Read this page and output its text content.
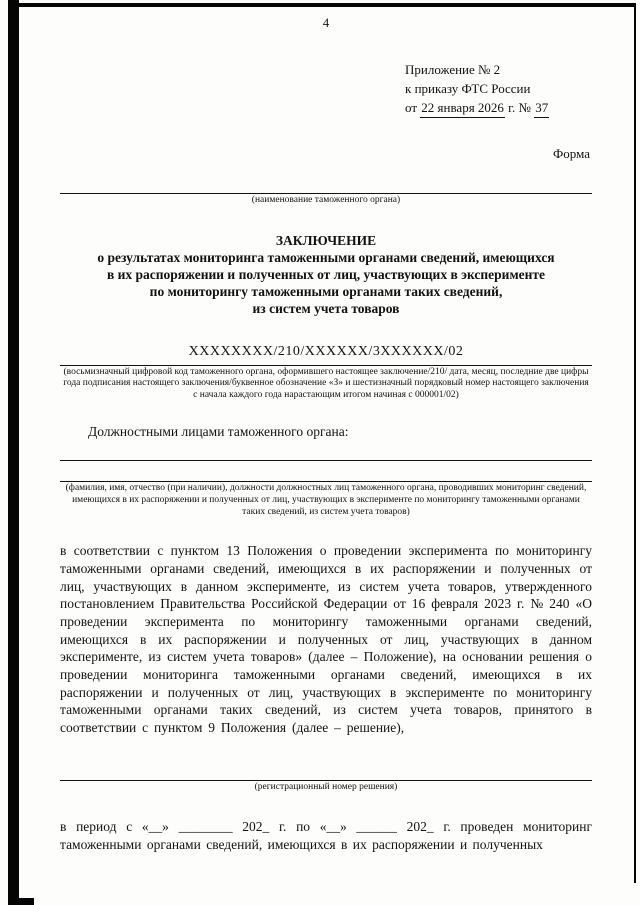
4
Приложение № 2
к приказу ФТС России
от 22 января 2026 г. № 37
Форма
(наименование таможенного органа)
ЗАКЛЮЧЕНИЕ
о результатах мониторинга таможенными органами сведений, имеющихся
в их распоряжении и полученных от лиц, участвующих в эксперименте
по мониторингу таможенными органами таких сведений,
из систем учета товаров
ХХХХХХХХ/210/ХХХХХХ/3ХХХХХХ/02
(восьмизначный цифровой код таможенного органа, оформившего настоящее заключение/210/ дата, месяц, последние две цифры года подписания настоящего заключения/буквенное обозначение «З» и шестизначный порядковый номер настоящего заключения с начала каждого года нарастающим итогом начиная с 000001/02)
Должностными лицами таможенного органа:
(фамилия, имя, отчество (при наличии), должности должностных лиц таможенного органа, проводивших мониторинг сведений, имеющихся в их распоряжении и полученных от лиц, участвующих в эксперименте по мониторингу таможенными органами таких сведений, из систем учета товаров)
в соответствии с пунктом 13 Положения о проведении эксперимента по мониторингу таможенными органами сведений, имеющихся в их распоряжении и полученных от лиц, участвующих в данном эксперименте, из систем учета товаров, утвержденного постановлением Правительства Российской Федерации от 16 февраля 2023 г. № 240 «О проведении эксперимента по мониторингу таможенными органами сведений, имеющихся в их распоряжении и полученных от лиц, участвующих в данном эксперименте, из систем учета товаров» (далее – Положение), на основании решения о проведении мониторинга таможенными органами сведений, имеющихся в их распоряжении и полученных от лиц, участвующих в эксперименте по мониторингу таможенными органами таких сведений, из систем учета товаров, принятого в соответствии с пунктом 9 Положения (далее – решение),
(регистрационный номер решения)
в период с «__» ________ 202_ г. по «__» ______ 202_ г. проведен мониторинг таможенными органами сведений, имеющихся в их распоряжении и полученных
